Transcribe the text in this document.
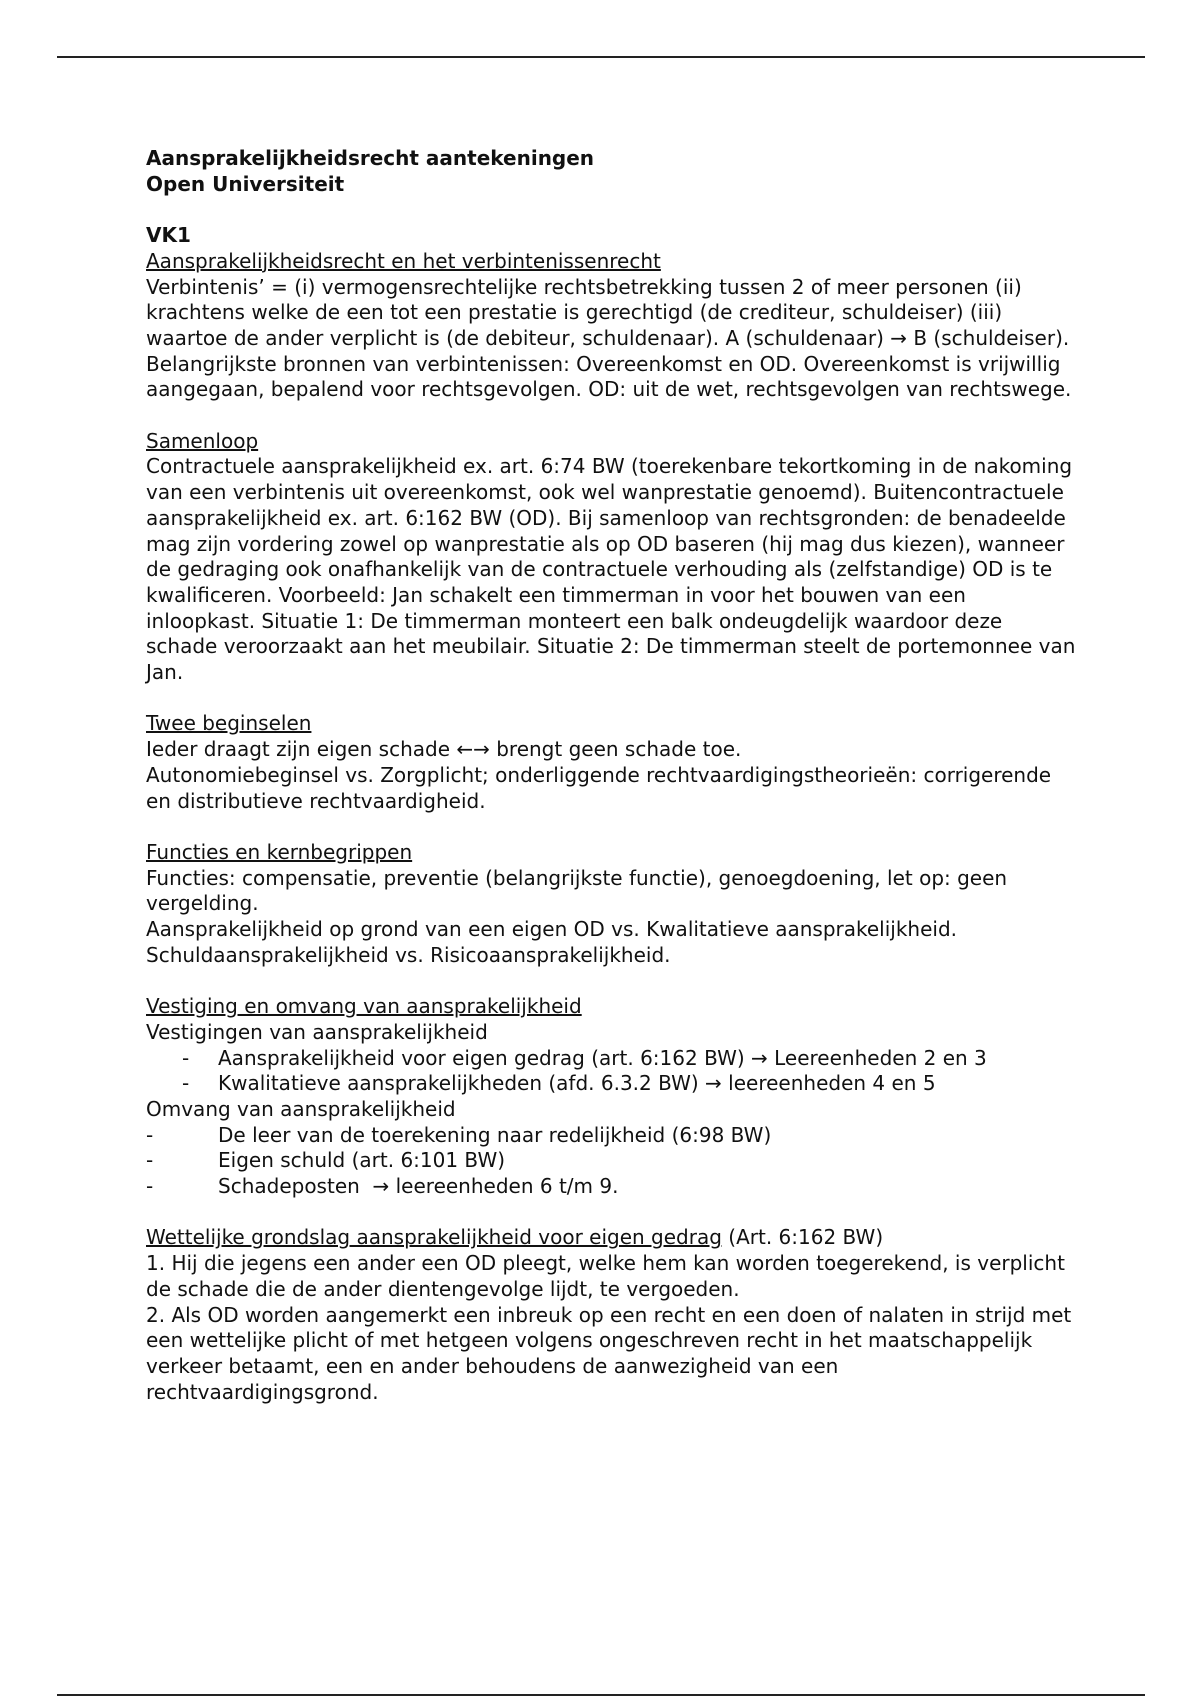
Aansprakelijkheidsrecht aantekeningen
Open Universiteit
VK1
Aansprakelijkheidsrecht en het verbintenissenrecht

Verbintenis’ = (i) vermogensrechtelijke rechtsbetrekking tussen 2 of meer personen (ii) krachtens welke de een tot een prestatie is gerechtigd (de crediteur, schuldeiser) (iii) waartoe de ander verplicht is (de debiteur, schuldenaar). A (schuldenaar) → B (schuldeiser). Belangrijkste bronnen van verbintenissen: Overeenkomst en OD. Overeenkomst is vrijwillig aangegaan, bepalend voor rechtsgevolgen. OD: uit de wet, rechtsgevolgen van rechtswege.

Samenloop

Contractuele aansprakelijkheid ex. art. 6:74 BW (toerekenbare tekortkoming in de nakoming van een verbintenis uit overeenkomst, ook wel wanprestatie genoemd). Buitencontractuele aansprakelijkheid ex. art. 6:162 BW (OD). Bij samenloop van rechtsgronden: de benadeelde mag zijn vordering zowel op wanprestatie als op OD baseren (hij mag dus kiezen), wanneer de gedraging ook onafhankelijk van de contractuele verhouding als (zelfstandige) OD is te kwalificeren. Voorbeeld: Jan schakelt een timmerman in voor het bouwen van een inloopkast. Situatie 1: De timmerman monteert een balk ondeugdelijk waardoor deze schade veroorzaakt aan het meubilair. Situatie 2: De timmerman steelt de portemonnee van Jan.

Twee beginselen

Ieder draagt zijn eigen schade ←→ brengt geen schade toe.

Autonomiebeginsel vs. Zorgplicht; onderliggende rechtvaardigingstheorieën: corrigerende en distributieve rechtvaardigheid.

Functies en kernbegrippen

Functies: compensatie, preventie (belangrijkste functie), genoegdoening, let op: geen vergelding.

Aansprakelijkheid op grond van een eigen OD vs. Kwalitatieve aansprakelijkheid.

Schuldaansprakelijkheid vs. Risicoaansprakelijkheid.

Vestiging en omvang van aansprakelijkheid
Vestigingen van aansprakelijkheid
- Aansprakelijkheid voor eigen gedrag (art. 6:162 BW) → Leereenheden 2 en 3
- Kwalitatieve aansprakelijkheden (afd. 6.3.2 BW) → leereenheden 4 en 5
Omvang van aansprakelijkheid
-	De leer van de toerekening naar redelijkheid (6:98 BW)
-	Eigen schuld (art. 6:101 BW)
-	Schadeposten  → leereenheden 6 t/m 9.
Wettelijke grondslag aansprakelijkheid voor eigen gedrag (Art. 6:162 BW)

1. Hij die jegens een ander een OD pleegt, welke hem kan worden toegerekend, is verplicht de schade die de ander dientengevolge lijdt, te vergoeden.

2. Als OD worden aangemerkt een inbreuk op een recht en een doen of nalaten in strijd met een wettelijke plicht of met hetgeen volgens ongeschreven recht in het maatschappelijk verkeer betaamt, een en ander behoudens de aanwezigheid van een rechtvaardigingsgrond.
